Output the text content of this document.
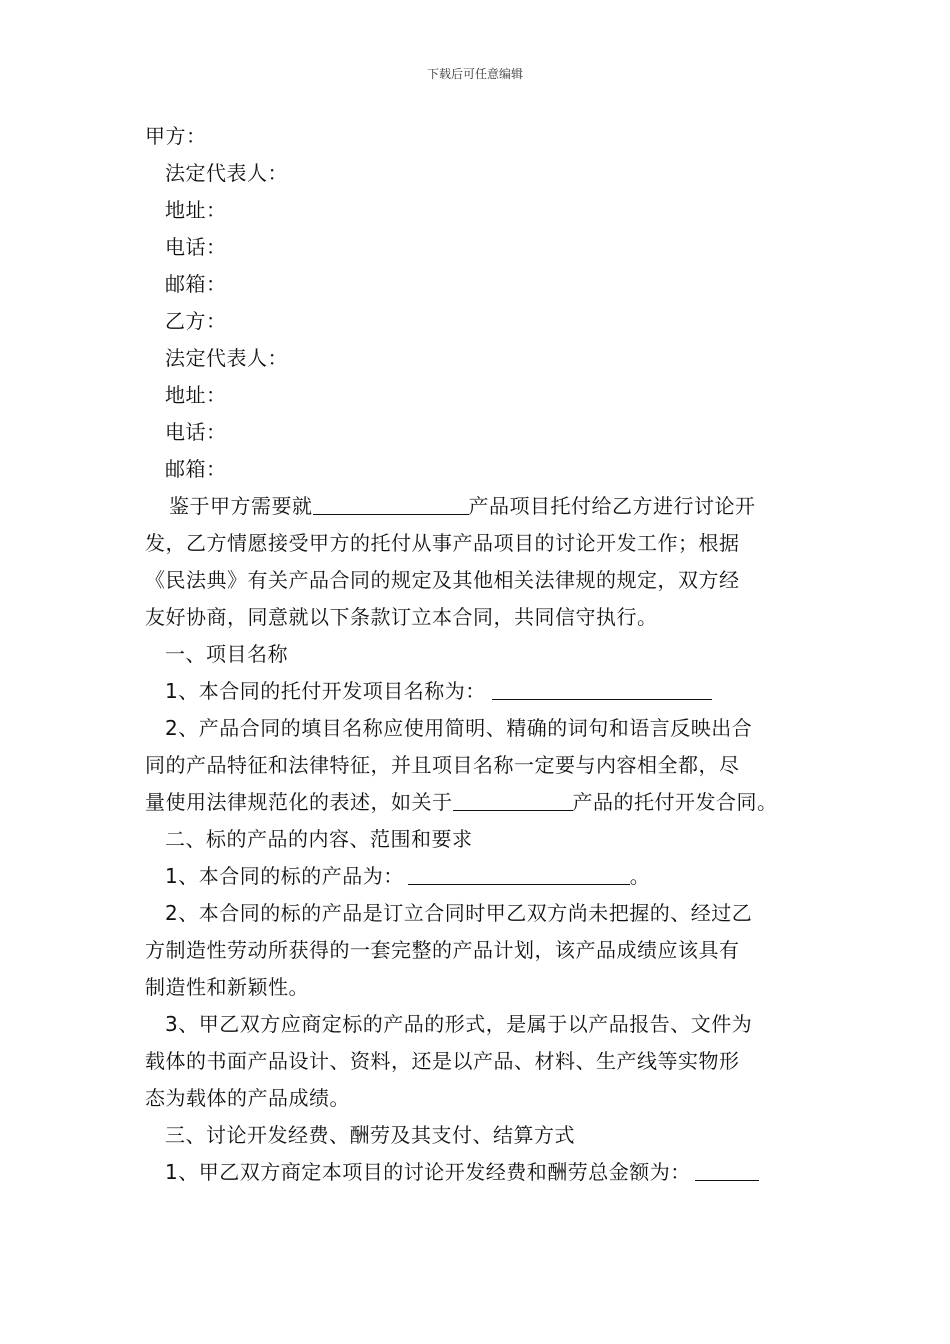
下载后可任意编辑
甲方：
法定代表人：
地址：
电话：
邮箱：
乙方：
法定代表人：
地址：
电话：
邮箱：
鉴于甲方需要就	产品项目托付给乙方进行讨论开
发，乙方情愿接受甲方的托付从事产品项目的讨论开发工作；根据
《民法典》有关产品合同的规定及其他相关法律规的规定，双方经
友好协商，同意就以下条款订立本合同，共同信守执行。
一、项目名称
1、本合同的托付开发项目名称为：
2、产品合同的填目名称应使用简明、精确的词句和语言反映出合
同的产品特征和法律特征，并且项目名称一定要与内容相全都，尽
量使用法律规范化的表述，如关于	产品的托付开发合同。
二、标的产品的内容、范围和要求
1、本合同的标的产品为：	。
2、本合同的标的产品是订立合同时甲乙双方尚未把握的、经过乙
方制造性劳动所获得的一套完整的产品计划，该产品成绩应该具有
制造性和新颖性。
3、甲乙双方应商定标的产品的形式，是属于以产品报告、文件为
载体的书面产品设计、资料，还是以产品、材料、生产线等实物形
态为载体的产品成绩。
三、讨论开发经费、酬劳及其支付、结算方式
1、甲乙双方商定本项目的讨论开发经费和酬劳总金额为：
